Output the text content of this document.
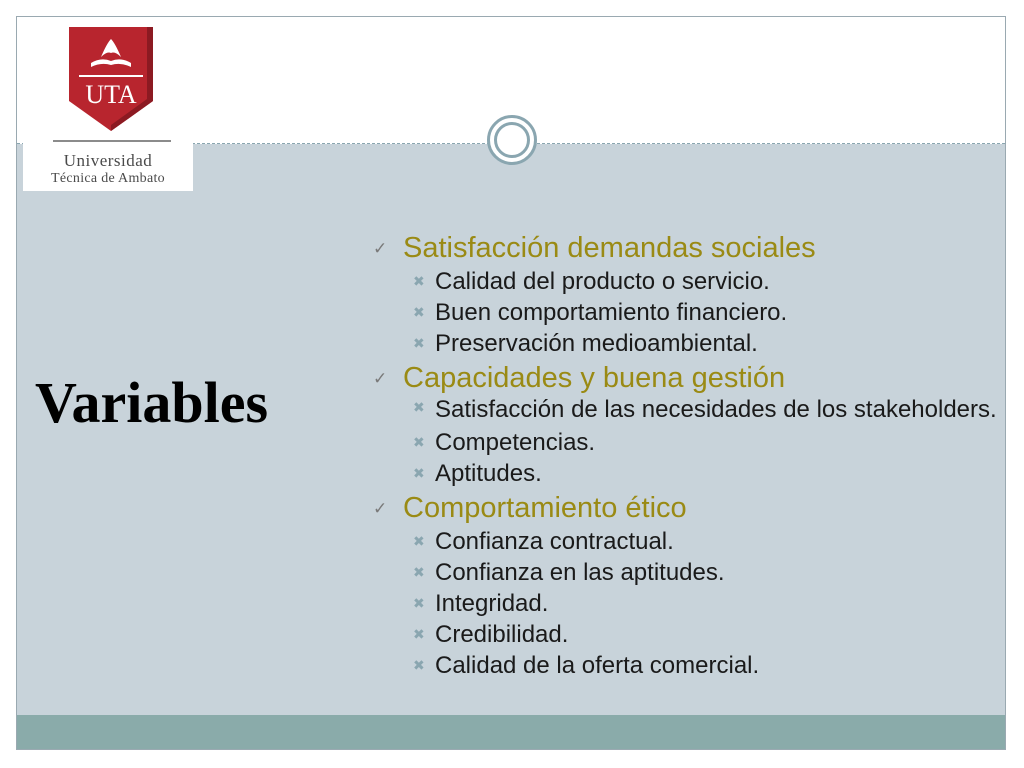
UTA
Universidad
Técnica de Ambato
Variables
✓ Satisfacción demandas sociales
✖ Calidad del producto o servicio.
✖ Buen comportamiento financiero.
✖ Preservación medioambiental.
✓ Capacidades y buena gestión
✖ Satisfacción de las necesidades de los stakeholders.
✖ Competencias.
✖ Aptitudes.
✓ Comportamiento ético
✖ Confianza contractual.
✖ Confianza en las aptitudes.
✖ Integridad.
✖ Credibilidad.
✖ Calidad de la oferta comercial.
